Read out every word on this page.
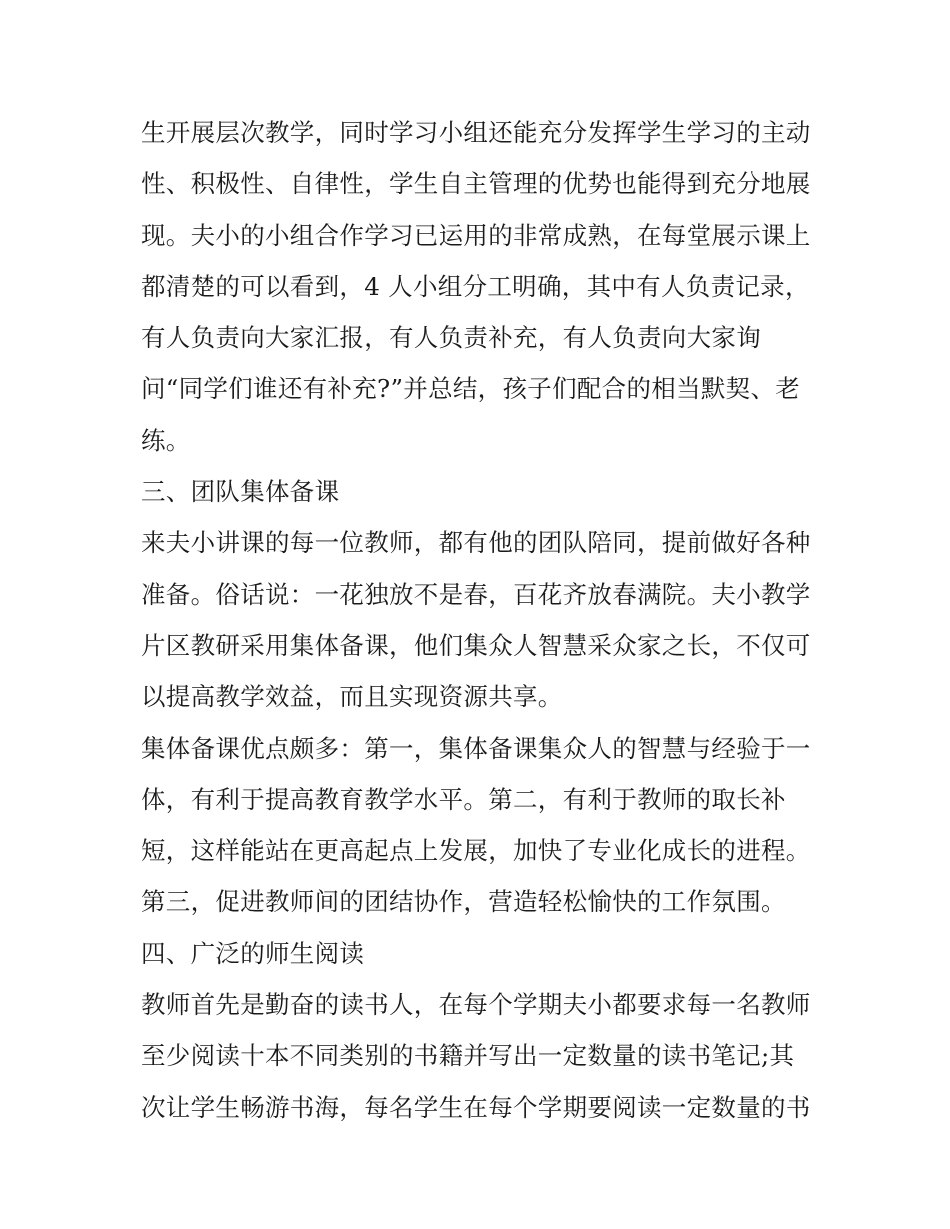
生开展层次教学，同时学习小组还能充分发挥学生学习的主动
性、积极性、自律性，学生自主管理的优势也能得到充分地展
现。夫小的小组合作学习已运用的非常成熟，在每堂展示课上
都清楚的可以看到，4 人小组分工明确，其中有人负责记录，
有人负责向大家汇报，有人负责补充，有人负责向大家询
问“同学们谁还有补充?”并总结，孩子们配合的相当默契、老
练。
三、团队集体备课
来夫小讲课的每一位教师，都有他的团队陪同，提前做好各种
准备。俗话说：一花独放不是春，百花齐放春满院。夫小教学
片区教研采用集体备课，他们集众人智慧采众家之长，不仅可
以提高教学效益，而且实现资源共享。
集体备课优点颇多：第一，集体备课集众人的智慧与经验于一
体，有利于提高教育教学水平。第二，有利于教师的取长补
短，这样能站在更高起点上发展，加快了专业化成长的进程。
第三，促进教师间的团结协作，营造轻松愉快的工作氛围。
四、广泛的师生阅读
教师首先是勤奋的读书人，在每个学期夫小都要求每一名教师
至少阅读十本不同类别的书籍并写出一定数量的读书笔记;其
次让学生畅游书海，每名学生在每个学期要阅读一定数量的书
